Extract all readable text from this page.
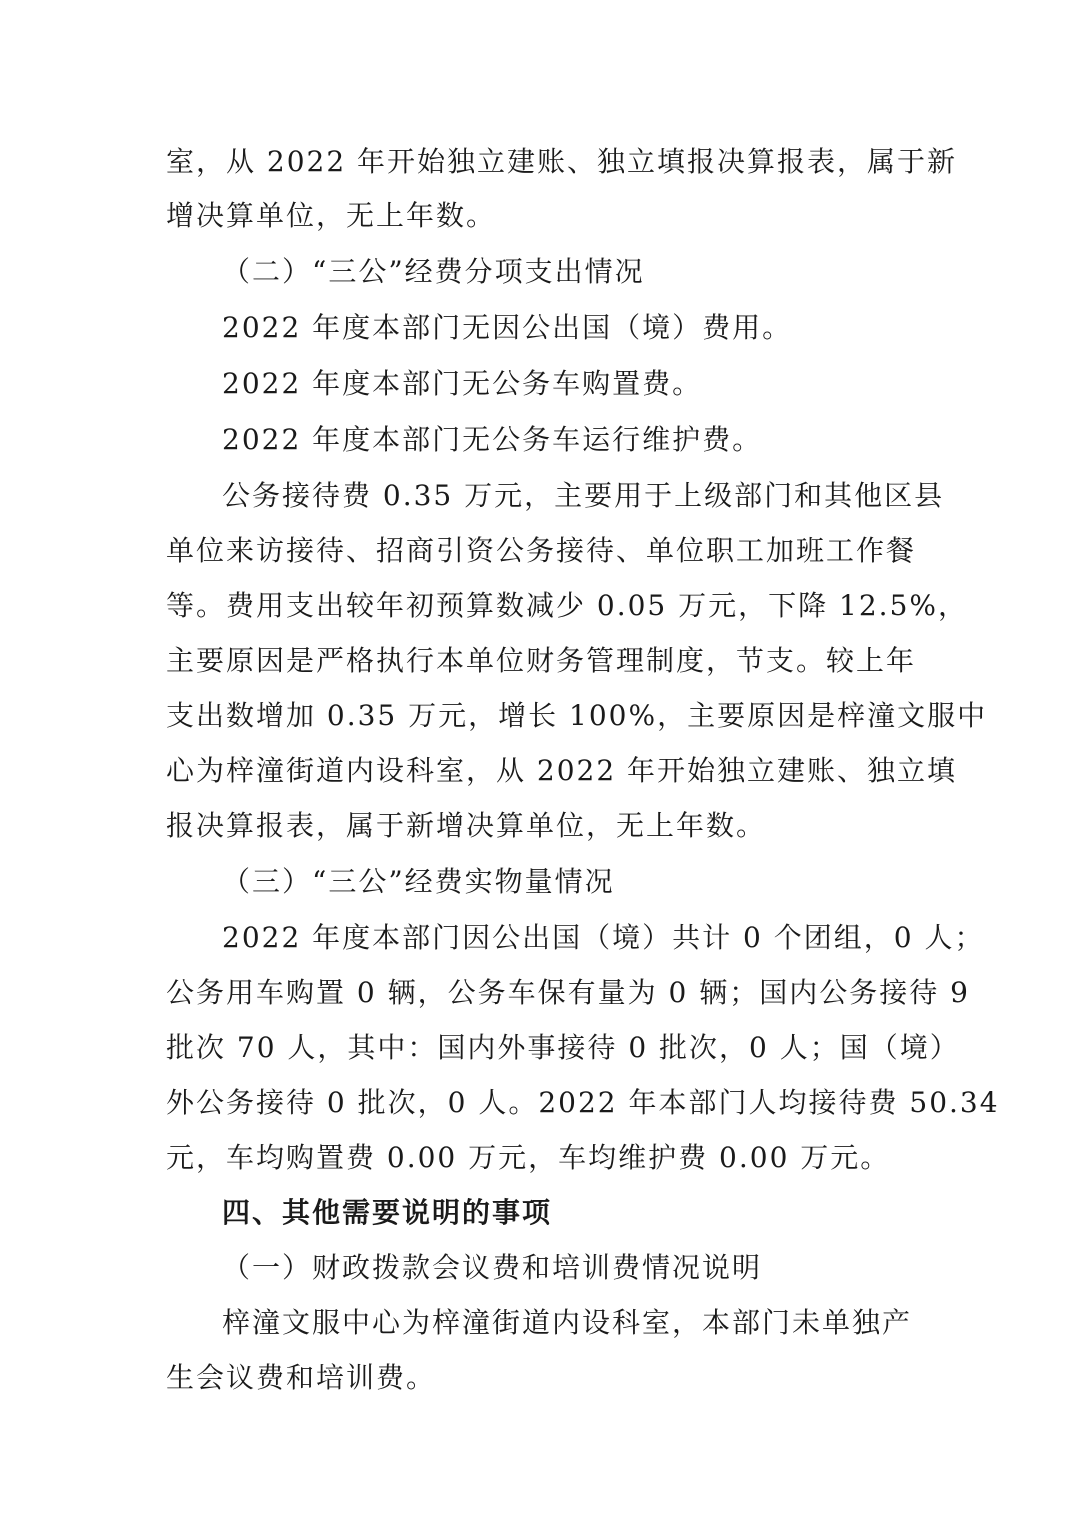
室，从 2022 年开始独立建账、独立填报决算报表，属于新
增决算单位，无上年数。
（二）“三公”经费分项支出情况
2022 年度本部门无因公出国（境）费用。
2022 年度本部门无公务车购置费。
2022 年度本部门无公务车运行维护费。
公务接待费 0.35 万元，主要用于上级部门和其他区县
单位来访接待、招商引资公务接待、单位职工加班工作餐
等。费用支出较年初预算数减少 0.05 万元，下降 12.5%，
主要原因是严格执行本单位财务管理制度，节支。较上年
支出数增加 0.35 万元，增长 100%，主要原因是梓潼文服中
心为梓潼街道内设科室，从 2022 年开始独立建账、独立填
报决算报表，属于新增决算单位，无上年数。
（三）“三公”经费实物量情况
2022 年度本部门因公出国（境）共计 0 个团组，0 人；
公务用车购置 0 辆，公务车保有量为 0 辆；国内公务接待 9
批次 70 人，其中：国内外事接待 0 批次，0 人；国（境）
外公务接待 0 批次，0 人。2022 年本部门人均接待费 50.34
元，车均购置费 0.00 万元，车均维护费 0.00 万元。
四、其他需要说明的事项
（一）财政拨款会议费和培训费情况说明
梓潼文服中心为梓潼街道内设科室，本部门未单独产
生会议费和培训费。
